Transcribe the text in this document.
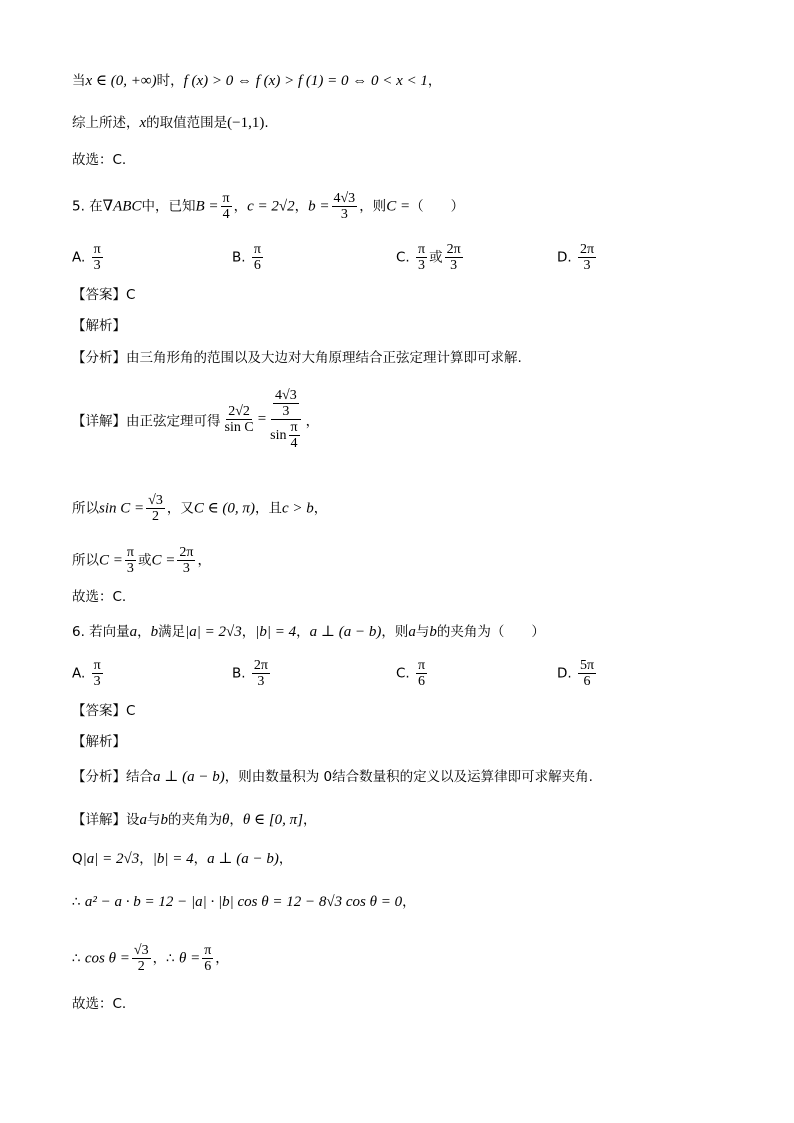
当x ∈ (0, +∞)时，f (x) > 0 ⇔ f (x) > f (1) = 0 ⇔ 0 < x < 1，
综上所述，x的取值范围是(−1,1).
故选：C.
5. 在∇ABC中，已知$B = \frac{\pi}{4}$ ，c = 2√2，$b = \frac{4√3}{3}$ ，则C =（　　）
A. $\frac{\pi}{3}$	B. $\frac{\pi}{6}$	C. $\frac{\pi}{3}$ 或 $\frac{2\pi}{3}$	D. $\frac{2\pi}{3}$
【答案】C
【解析】
【分析】由三角形角的范围以及大边对大角原理结合正弦定理计算即可求解.
【详解】由正弦定理可得 $\frac{2√2}{\text{sin C}} = 4√3$
3
$\sin \frac{\pi}{4}$ ，
所以$\sin C = \frac{√3}{2}$ ，又C ∈ (0, π)，且c > b，
所以$C = \frac{\pi}{3}$ 或$C = \frac{2\pi}{3}$ ，
故选：C.
6. 若向量a，b满足|a| = 2√3，|b| = 4，a ⊥ (a − b)，则a与b的夹角为（　　）
A. $\frac{\pi}{3}$	B. $\frac{2\pi}{3}$	C. $\frac{\pi}{6}$	D. $\frac{5\pi}{6}$
【答案】C
【解析】
【分析】结合a ⊥ (a − b)，则由数量积为 0结合数量积的定义以及运算律即可求解夹角.
【详解】设a与b的夹角为θ，θ ∈ [0, π]，
Q|a| = 2√3，|b| = 4，a ⊥ (a − b)，
∴ a² − a · b = 12 − |a| · |b| cos θ = 12 − 8√3 cos θ = 0，
∴ $\cos \theta = \frac{√3}{2}$ ，∴ $\theta = \frac{\pi}{6}$ ，
故选：C.
